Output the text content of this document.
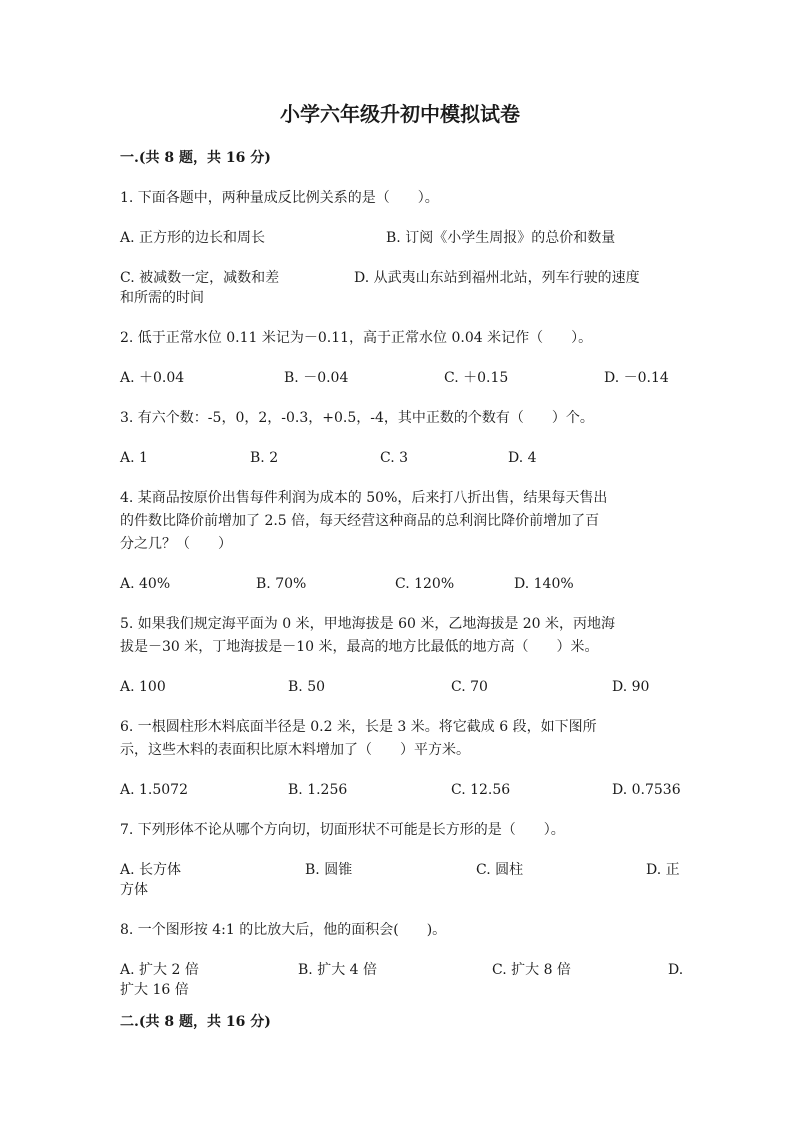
小学六年级升初中模拟试卷
一.(共 8 题，共 16 分)
1. 下面各题中，两种量成反比例关系的是（　　）。
A. 正方形的边长和周长	B. 订阅《小学生周报》的总价和数量
C. 被减数一定，减数和差	D. 从武夷山东站到福州北站，列车行驶的速度
和所需的时间
2. 低于正常水位 0.11 米记为－0.11，高于正常水位 0.04 米记作（　　）。
A. ＋0.04	B. －0.04	C. ＋0.15	D. －0.14
3. 有六个数：-5，0，2，-0.3，+0.5，-4，其中正数的个数有（　　）个。
A. 1	B. 2	C. 3	D. 4
4. 某商品按原价出售每件利润为成本的 50%，后来打八折出售，结果每天售出
的件数比降价前增加了 2.5 倍，每天经营这种商品的总利润比降价前增加了百
分之几？（　　）
A. 40%	B. 70%	C. 120%	D. 140%
5. 如果我们规定海平面为 0 米，甲地海拔是 60 米，乙地海拔是 20 米，丙地海
拔是－30 米，丁地海拔是－10 米，最高的地方比最低的地方高（　　）米。
A. 100	B. 50	C. 70	D. 90
6. 一根圆柱形木料底面半径是 0.2 米，长是 3 米。将它截成 6 段，如下图所
示，这些木料的表面积比原木料增加了（　　）平方米。
A. 1.5072	B. 1.256	C. 12.56	D. 0.7536
7. 下列形体不论从哪个方向切，切面形状不可能是长方形的是（　　）。
A. 长方体	B. 圆锥	C. 圆柱	D. 正
方体
8. 一个图形按 4:1 的比放大后，他的面积会(　　)。
A. 扩大 2 倍	B. 扩大 4 倍	C. 扩大 8 倍	D.
扩大 16 倍
二.(共 8 题，共 16 分)
